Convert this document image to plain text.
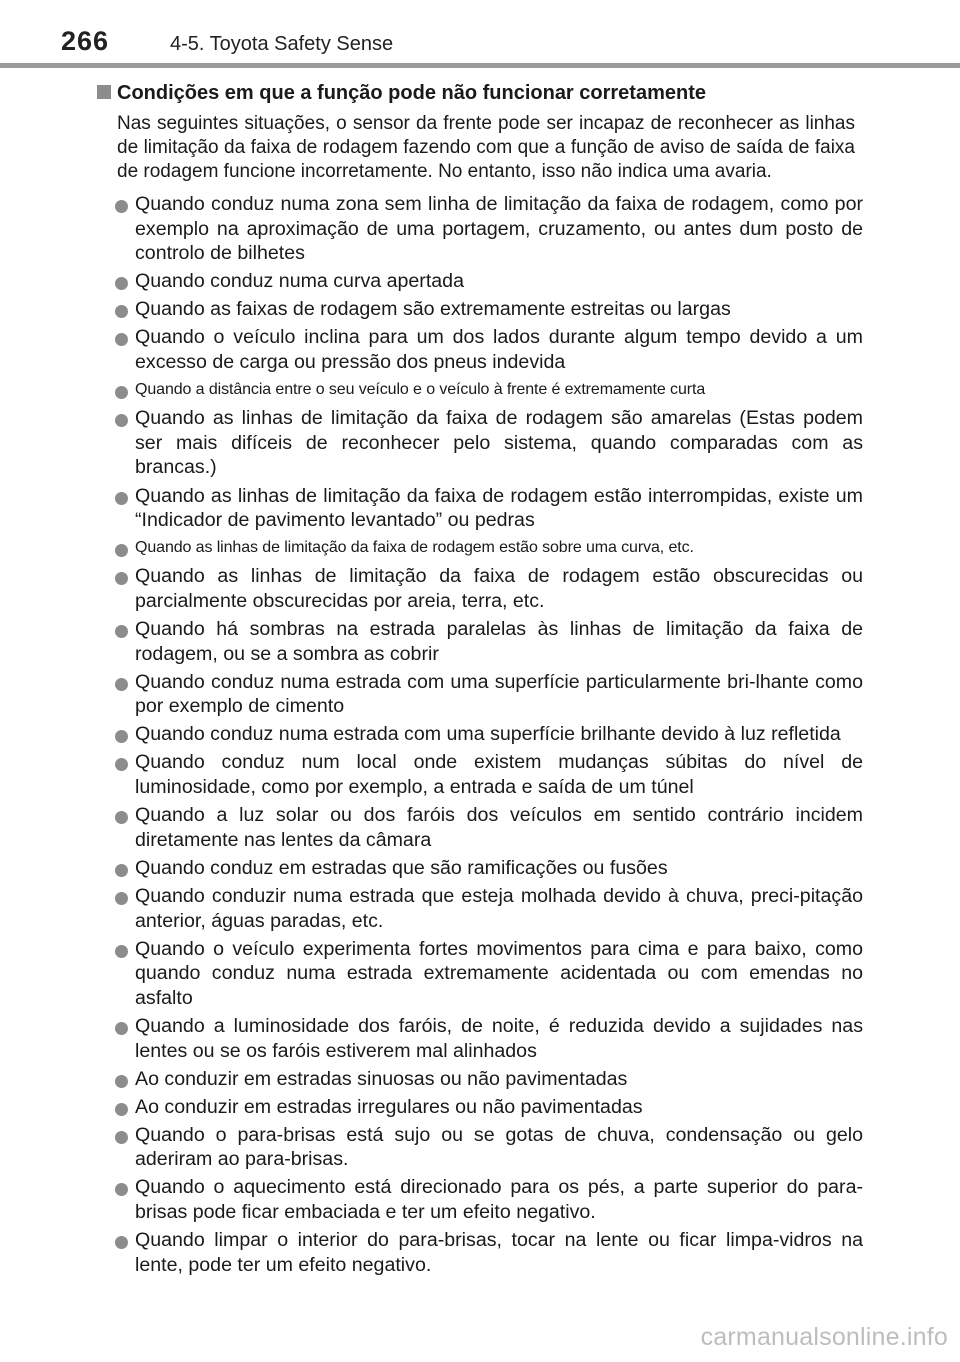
266	4-5. Toyota Safety Sense
Condições em que a função pode não funcionar corretamente
Nas seguintes situações, o sensor da frente pode ser incapaz de reconhecer as linhas de limitação da faixa de rodagem fazendo com que a função de aviso de saída de faixa de rodagem funcione incorretamente. No entanto, isso não indica uma avaria.
Quando conduz numa zona sem linha de limitação da faixa de rodagem, como por exemplo na aproximação de uma portagem, cruzamento, ou antes dum posto de controlo de bilhetes
Quando conduz numa curva apertada
Quando as faixas de rodagem são extremamente estreitas ou largas
Quando o veículo inclina para um dos lados durante algum tempo devido a um excesso de carga ou pressão dos pneus indevida
Quando a distância entre o seu veículo e o veículo à frente é extremamente curta
Quando as linhas de limitação da faixa de rodagem são amarelas (Estas podem ser mais difíceis de reconhecer pelo sistema, quando comparadas com as brancas.)
Quando as linhas de limitação da faixa de rodagem estão interrompidas, existe um “Indicador de pavimento levantado” ou pedras
Quando as linhas de limitação da faixa de rodagem estão sobre uma curva, etc.
Quando as linhas de limitação da faixa de rodagem estão obscurecidas ou parcialmente obscurecidas por areia, terra, etc.
Quando há sombras na estrada paralelas às linhas de limitação da faixa de rodagem, ou se a sombra as cobrir
Quando conduz numa estrada com uma superfície particularmente bri-lhante como por exemplo de cimento
Quando conduz numa estrada com uma superfície brilhante devido à luz refletida
Quando conduz num local onde existem mudanças súbitas do nível de luminosidade, como por exemplo, a entrada e saída de um túnel
Quando a luz solar ou dos faróis dos veículos em sentido contrário incidem diretamente nas lentes da câmara
Quando conduz em estradas que são ramificações ou fusões
Quando conduzir numa estrada que esteja molhada devido à chuva, preci-pitação anterior, águas paradas, etc.
Quando o veículo experimenta fortes movimentos para cima e para baixo, como quando conduz numa estrada extremamente acidentada ou com emendas no asfalto
Quando a luminosidade dos faróis, de noite, é reduzida devido a sujidades nas lentes ou se os faróis estiverem mal alinhados
Ao conduzir em estradas sinuosas ou não pavimentadas
Ao conduzir em estradas irregulares ou não pavimentadas
Quando o para-brisas está sujo ou se gotas de chuva, condensação ou gelo aderiram ao para-brisas.
Quando o aquecimento está direcionado para os pés, a parte superior do para-brisas pode ficar embaciada e ter um efeito negativo.
Quando limpar o interior do para-brisas, tocar na lente ou ficar limpa-vidros na lente, pode ter um efeito negativo.
carmanualsonline.info
